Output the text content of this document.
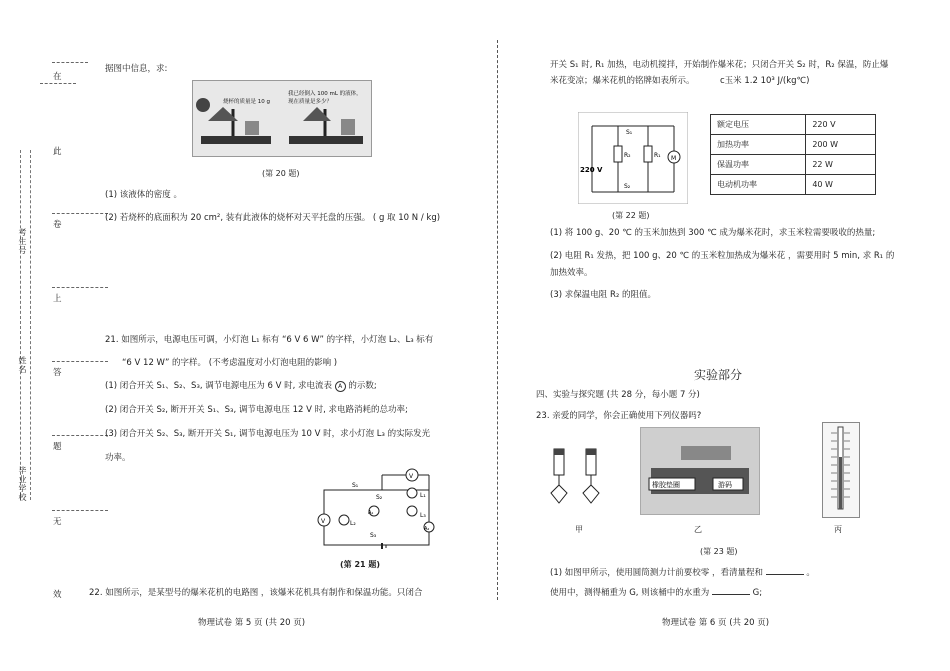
考生号
姓名
毕业学校
在
此
卷
上
答
题
无
效
据图中信息，求:
烧杯的质量是 10 g
我已经倒入 100 mL 的液体，
现在质量是多少？
(第 20 题)
(1) 该液体的密度 。
(2) 若烧杯的底面积为 20 cm², 装有此液体的烧杯对天平托盘的压强。 ( g 取 10 N / kg)
21. 如图所示，电源电压可调，小灯泡 L₁ 标有 “6 V 6 W” 的字样，小灯泡 L₂、L₃ 标有
“6 V 12 W” 的字样。 (不考虑温度对小灯泡电阻的影响 )
(1) 闭合开关 S₁、S₂、S₃, 调节电源电压为 6 V 时, 求电流表 A 的示数;
(2) 闭合开关 S₂, 断开开关 S₁、S₃, 调节电源电压 12 V 时, 求电路消耗的总功率;
(3) 闭合开关 S₂、S₃, 断开开关 S₁, 调节电源电压为 10 V 时，求小灯泡 L₃ 的实际发光
功率。
V
V
S₁
S₂
S₃
L₁
L₂
L₃
A₁
A₂
(第 21 题)
22. 如图所示，是某型号的爆米花机的电路图 ，该爆米花机具有制作和保温功能。只闭合
物理试卷 第 5 页 (共 20 页)
开关 S₁ 时, R₁ 加热，电动机搅拌，开始制作爆米花；只闭合开关 S₂ 时，R₂ 保温，防止爆
米花变凉；爆米花机的铭牌如表所示。	c玉米 1.2 10³ J/(kg℃)
S₁
R₂	R₁ M
220 V
S₂
(第 22 题)
额定电压	220 V
加热功率	200 W
保温功率	22 W
电动机功率	40 W
(1) 将 100 g、20 ℃ 的玉米加热到 300 ℃ 成为爆米花时，求玉米粒需要吸收的热量;
(2) 电阻 R₁ 发热，把 100 g、20 ℃ 的玉米粒加热成为爆米花 ，需要用时 5 min, 求 R₁ 的
加热效率。
(3) 求保温电阻 R₂ 的阻值。
实验部分
四、实验与探究题 (共 28 分，每小题 7 分)
23. 亲爱的同学，你会正确使用下列仪器吗?
甲
橡胶垫圈	游码
乙	丙
(第 23 题)
(1) 如图甲所示，使用圆筒测力计前要校零 ，看清量程和	。
使用中，测得桶重为 G, 则该桶中的水重为	G;
物理试卷 第 6 页 (共 20 页)
